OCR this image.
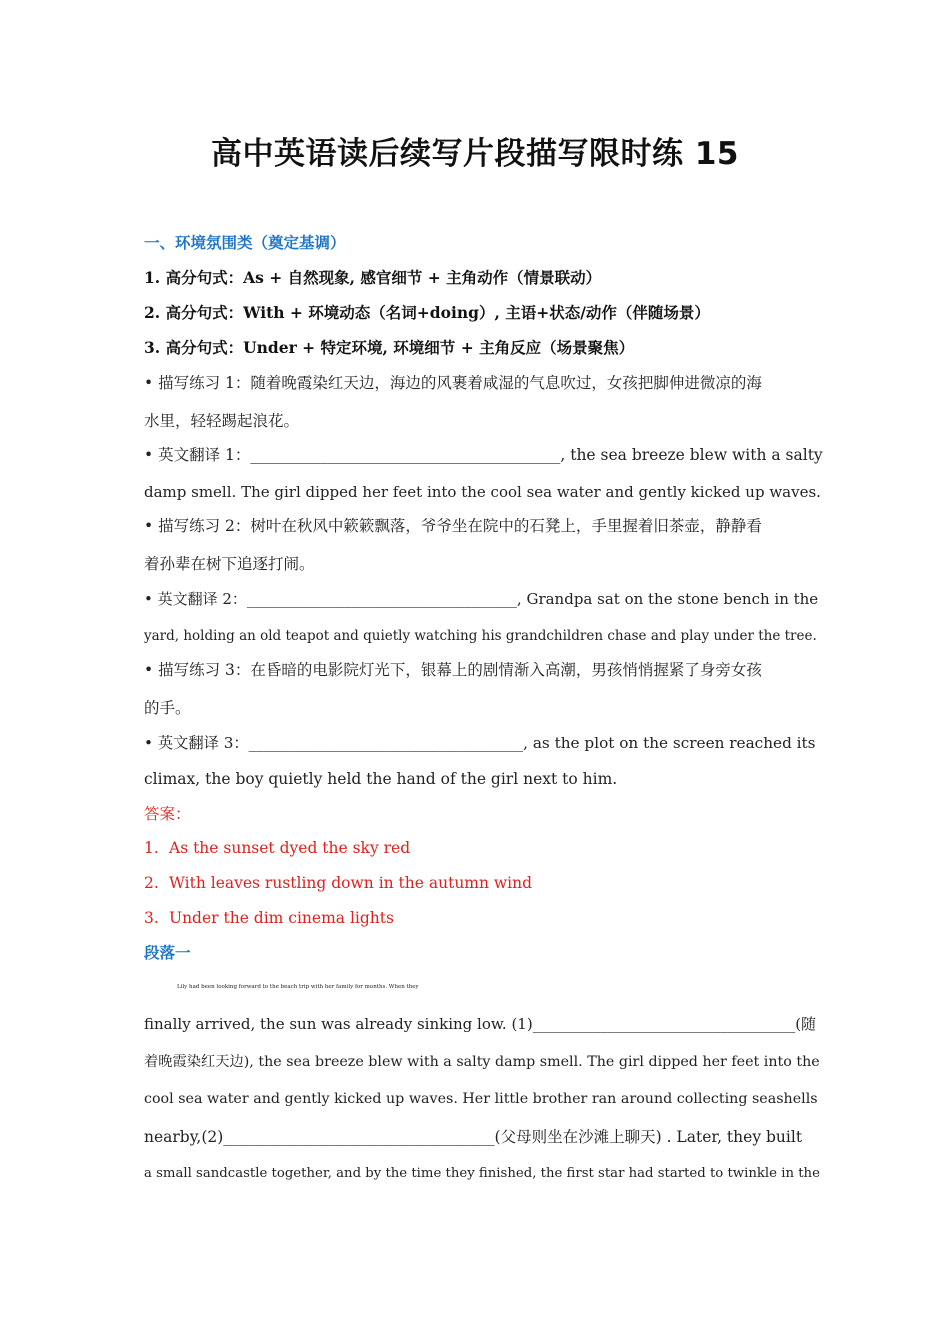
高中英语读后续写片段描写限时练 15
一、环境氛围类（奠定基调）
1. 高分句式：As + 自然现象, 感官细节 + 主角动作（情景联动）
2. 高分句式：With + 环境动态（名词+doing）, 主语+状态/动作（伴随场景）
3. 高分句式：Under + 特定环境, 环境细节 + 主角反应（场景聚焦）
• 描写练习 1：随着晚霞染红天边，海边的风裹着咸湿的气息吹过，女孩把脚伸进微凉的海
水里，轻轻踢起浪花。
• 英文翻译 1：________________________________________, the sea breeze blew with a salty
damp smell. The girl dipped her feet into the cool sea water and gently kicked up waves.
• 描写练习 2：树叶在秋风中簌簌飘落，爷爷坐在院中的石凳上，手里握着旧茶壶，静静看
着孙辈在树下追逐打闹。
• 英文翻译 2：____________________________________, Grandpa sat on the stone bench in the
yard, holding an old teapot and quietly watching his grandchildren chase and play under the tree.
• 描写练习 3：在昏暗的电影院灯光下，银幕上的剧情渐入高潮，男孩悄悄握紧了身旁女孩
的手。
• 英文翻译 3：____________________________________, as the plot on the screen reached its
climax, the boy quietly held the hand of the girl next to him.
答案：
1. As the sunset dyed the sky red
2. With leaves rustling down in the autumn wind
3. Under the dim cinema lights
段落一
Lily had been looking forward to the beach trip with her family for months. When they
finally arrived, the sun was already sinking low. (1)___________________________________(随
着晚霞染红天边), the sea breeze blew with a salty damp smell. The girl dipped her feet into the
cool sea water and gently kicked up waves. Her little brother ran around collecting seashells
nearby,(2)___________________________________(父母则坐在沙滩上聊天) . Later, they built
a small sandcastle together, and by the time they finished, the first star had started to twinkle in the
